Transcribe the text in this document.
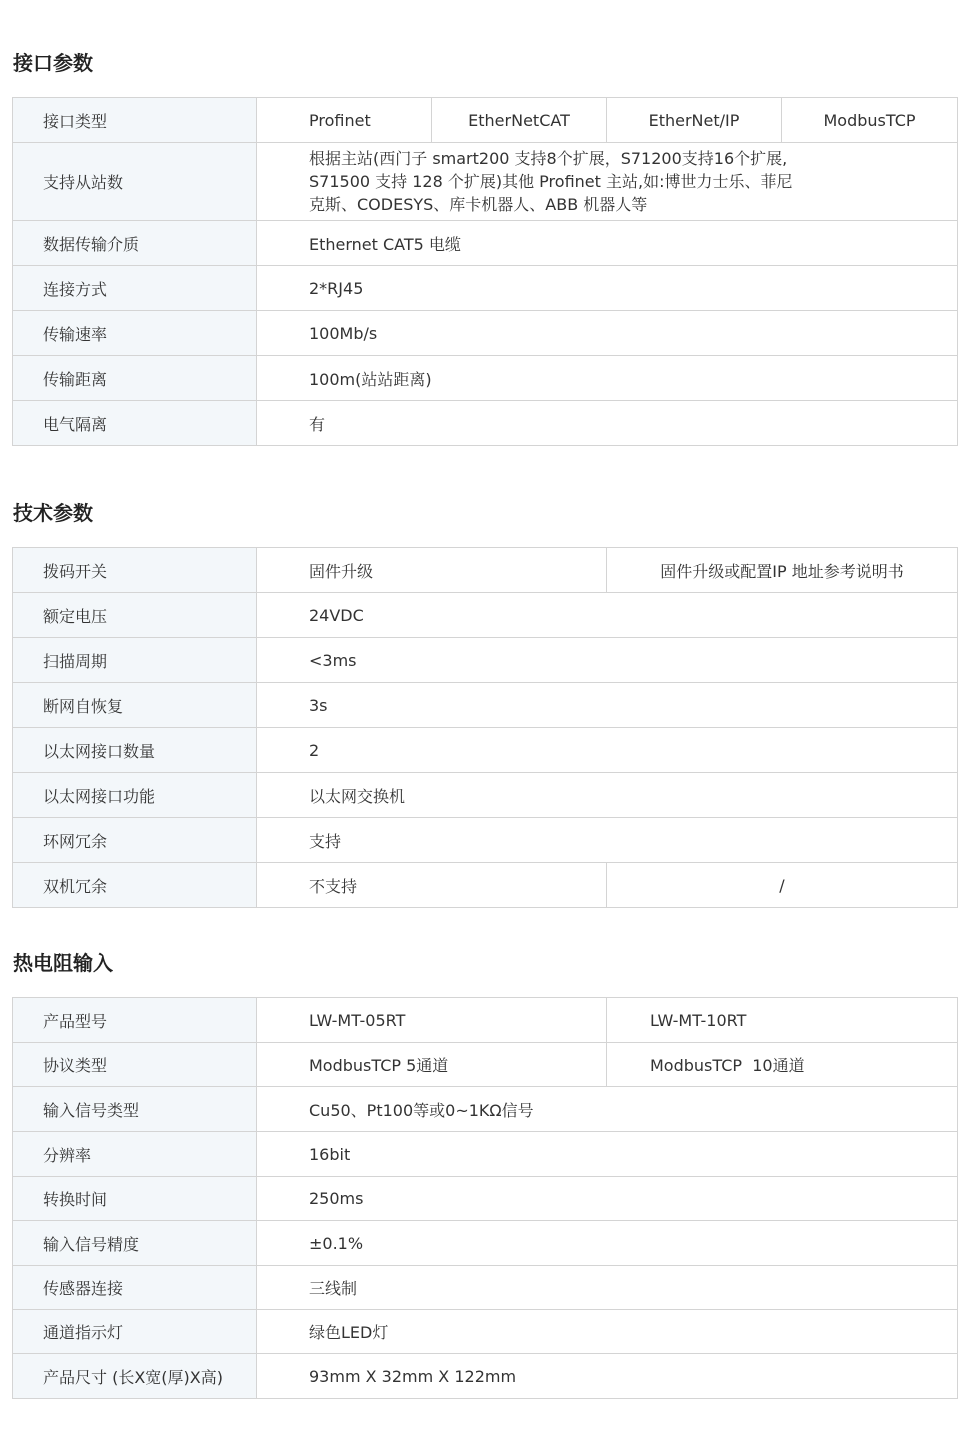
接口参数
接口类型	Profinet	EtherNetCAT	EtherNet/IP	ModbusTCP
支持从站数	根据主站(西门子 smart200 支持8个扩展，S71200支持16个扩展,
S71500 支持 128 个扩展)其他 Profinet 主站,如:博世力士乐、菲尼
克斯、CODESYS、库卡机器人、ABB 机器人等			

数据传输介质	Ethernet CAT5 电缆			
连接方式	2*RJ45			
传输速率	100Mb/s			
传输距离	100m(站站距离)			
电气隔离	有			
技术参数
拨码开关	固件升级	固件升级或配置IP 地址参考说明书
额定电压	24VDC	
扫描周期	<3ms	
断网自恢复	3s	
以太网接口数量	2	
以太网接口功能	以太网交换机	
环网冗余	支持	
双机冗余	不支持	/
热电阻输入
产品型号	LW-MT-05RT	LW-MT-10RT
协议类型	ModbusTCP 5通道	ModbusTCP  10通道
输入信号类型	Cu50、Pt100等或0~1KΩ信号	
分辨率	16bit	
转换时间	250ms	
输入信号精度	±0.1%	
传感器连接	三线制	
通道指示灯	绿色LED灯	
产品尺寸 (长X宽(厚)X高)	93mm X 32mm X 122mm	
